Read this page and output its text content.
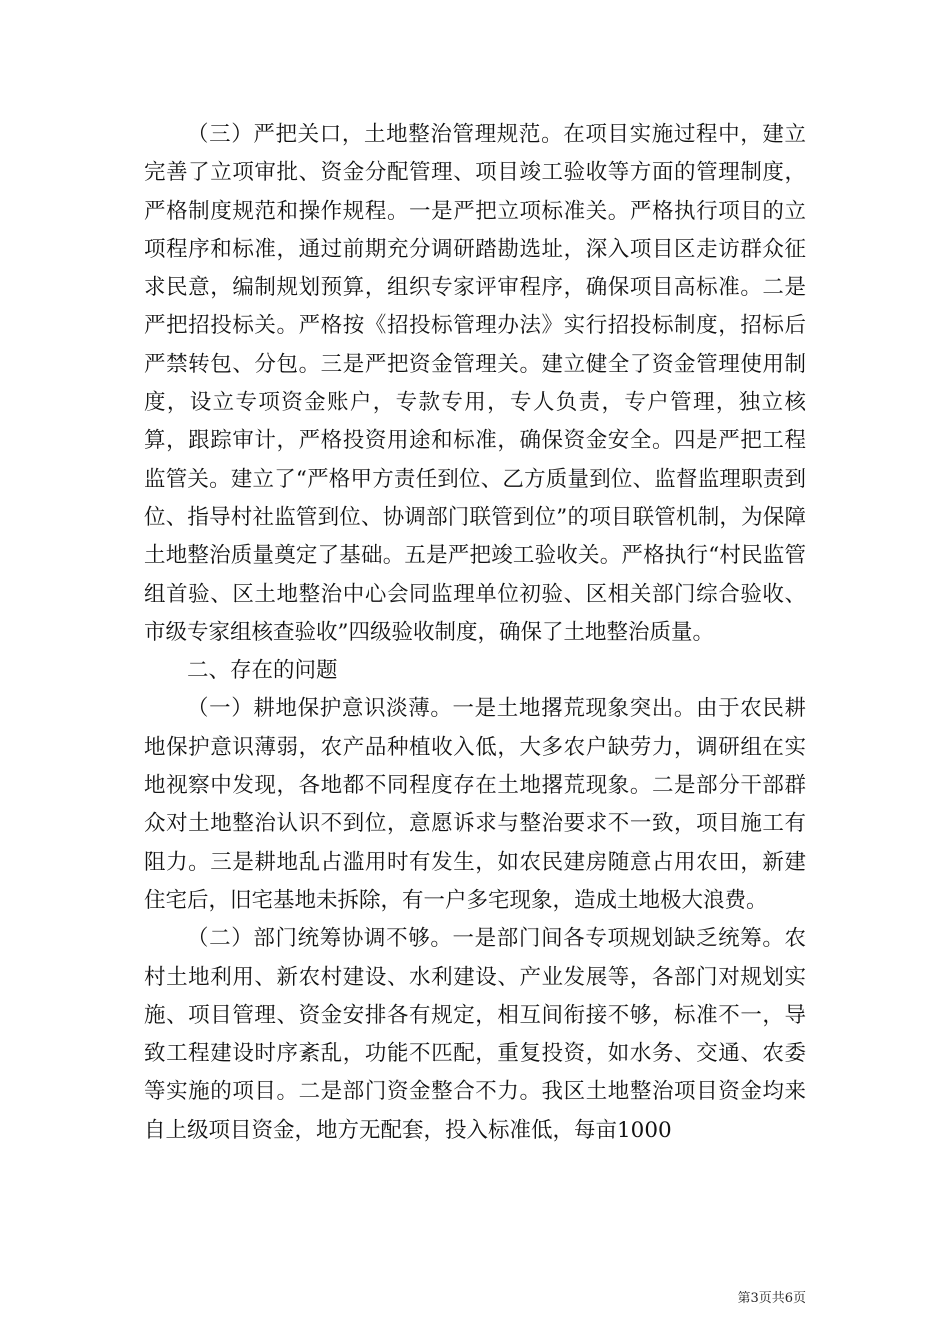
（三）严把关口，土地整治管理规范。在项目实施过程中，建立完善了立项审批、资金分配管理、项目竣工验收等方面的管理制度，严格制度规范和操作规程。一是严把立项标准关。严格执行项目的立项程序和标准，通过前期充分调研踏勘选址，深入项目区走访群众征求民意，编制规划预算，组织专家评审程序，确保项目高标准。二是严把招投标关。严格按《招投标管理办法》实行招投标制度，招标后严禁转包、分包。三是严把资金管理关。建立健全了资金管理使用制度，设立专项资金账户，专款专用，专人负责，专户管理，独立核算，跟踪审计，严格投资用途和标准，确保资金安全。四是严把工程监管关。建立了“严格甲方责任到位、乙方质量到位、监督监理职责到位、指导村社监管到位、协调部门联管到位”的项目联管机制，为保障土地整治质量奠定了基础。五是严把竣工验收关。严格执行“村民监管组首验、区土地整治中心会同监理单位初验、区相关部门综合验收、市级专家组核查验收”四级验收制度，确保了土地整治质量。

二、存在的问题

（一）耕地保护意识淡薄。一是土地撂荒现象突出。由于农民耕地保护意识薄弱，农产品种植收入低，大多农户缺劳力，调研组在实地视察中发现，各地都不同程度存在土地撂荒现象。二是部分干部群众对土地整治认识不到位，意愿诉求与整治要求不一致，项目施工有阻力。三是耕地乱占滥用时有发生，如农民建房随意占用农田，新建住宅后，旧宅基地未拆除，有一户多宅现象，造成土地极大浪费。

（二）部门统筹协调不够。一是部门间各专项规划缺乏统筹。农村土地利用、新农村建设、水利建设、产业发展等，各部门对规划实施、项目管理、资金安排各有规定，相互间衔接不够，标准不一，导致工程建设时序紊乱，功能不匹配，重复投资，如水务、交通、农委等实施的项目。二是部门资金整合不力。我区土地整治项目资金均来自上级项目资金，地方无配套，投入标准低，每亩1000

第3页共6页
